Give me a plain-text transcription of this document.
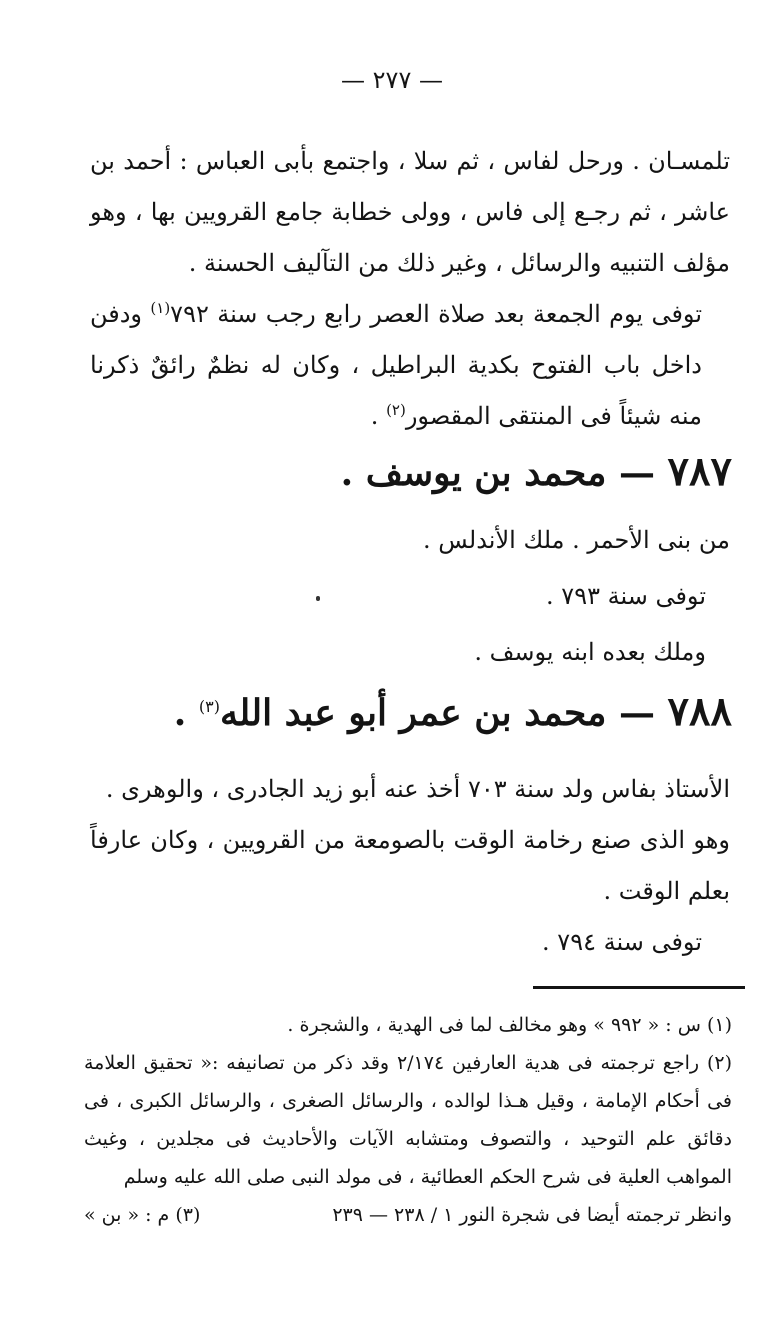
— ٢٧٧ —

تلمسـان . ورحل لفاس ، ثم سلا ، واجتمع بأبى العباس : أحمد بن عاشر ، ثم رجـع إلى فاس ، وولى خطابة جامع القرويين بها ، وهو مؤلف التنبيه والرسائل ، وغير ذلك من التآليف الحسنة .

توفى يوم الجمعة بعد صلاة العصر رابع رجب سنة ٧٩٢$^{(١)}$ ودفن داخل باب الفتوح بكدية البراطيل ، وكان له نظمٌ رائقٌ ذكرنا منه شيئاً فى المنتقى المقصور$^{(٢)}$ .

٧٨٧ — محمد بن يوسف .
من بنى الأحمر . ملك الأندلس .
توفى سنة ٧٩٣ .
وملك بعده ابنه يوسف .
٧٨٨ — محمد بن عمر أبو عبد الله$^{(٣)}$ .

الأستاذ بفاس ولد سنة ٧٠٣ أخذ عنه أبو زيد الجادرى ، والوهرى .

وهو الذى صنع رخامة الوقت بالصومعة من القرويين ، وكان عارفاً بعلم الوقت .

توفى سنة ٧٩٤ .

(١) س : « ٩٩٢ » وهو مخالف لما فى الهدية ، والشجرة .

(٢) راجع ترجمته فى هدية العارفين ٢/١٧٤ وقد ذكر من تصانيفه :« تحقيق العلامة فى أحكام الإمامة ، وقيل هـذا لوالده ، والرسائل الصغرى ، والرسائل الكبرى ، فى دقائق علم التوحيد ، والتصوف ومتشابه الآيات والأحاديث فى مجلدين ، وغيث المواهب العلية فى شرح الحكم العطائية ، فى مولد النبى صلى الله عليه وسلم

وانظر ترجمته أيضا فى شجرة النور ١ / ٢٣٨ — ٢٣٩
(٣) م : « بن »
